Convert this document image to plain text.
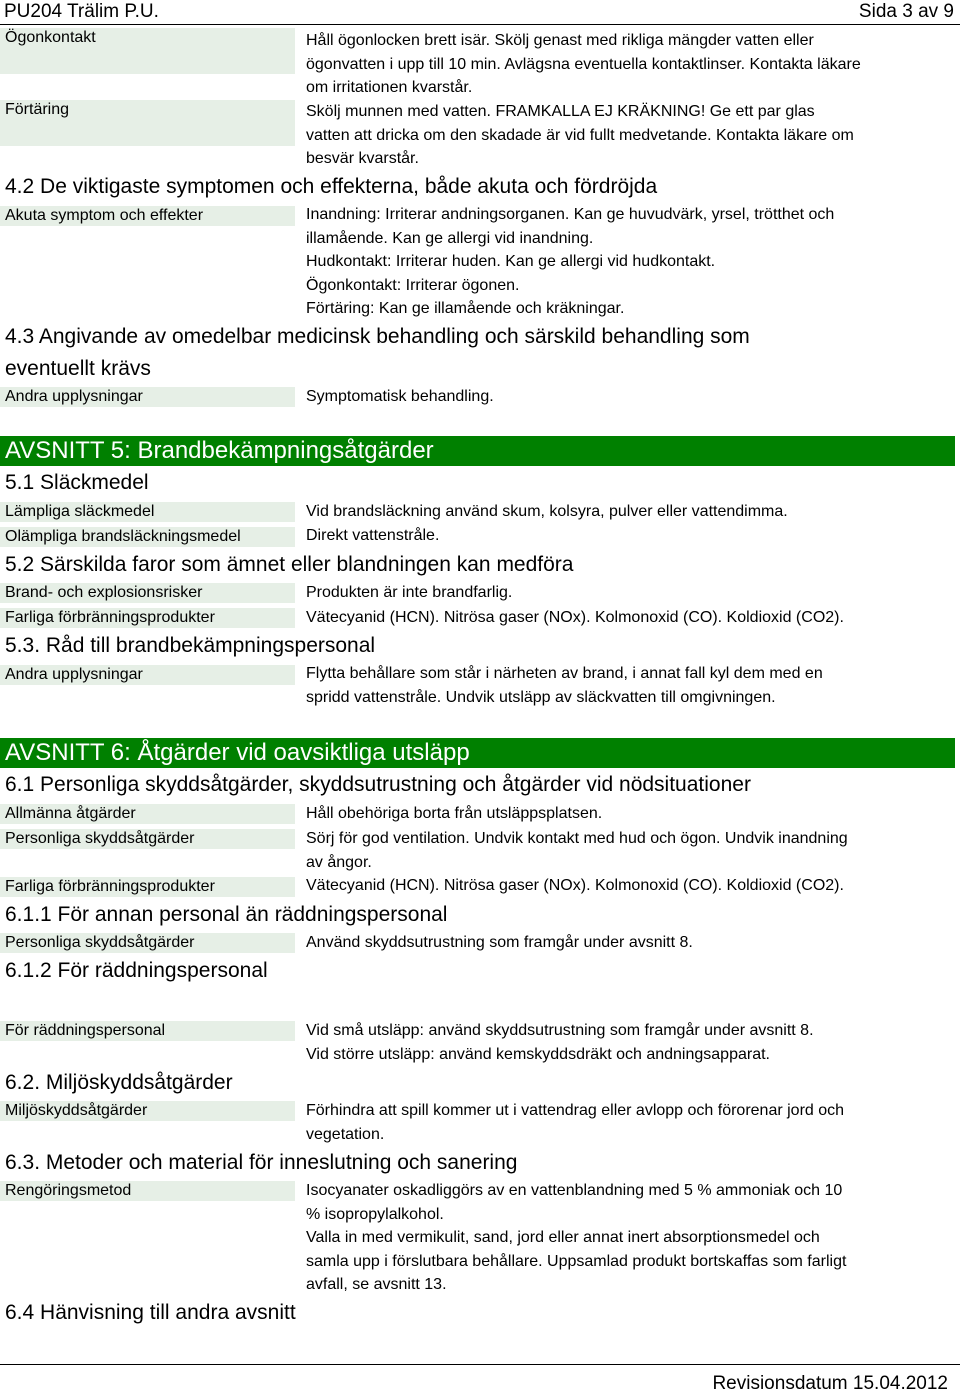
PU204 Trälim P.U.	Sida 3 av 9
Ögonkontakt	Håll ögonlocken brett isär. Skölj genast med rikliga mängder vatten eller

ögonvatten i upp till 10 min. Avlägsna eventuella kontaktlinser. Kontakta läkare

om irritationen kvarstår.

Förtäring	Skölj munnen med vatten. FRAMKALLA EJ KRÄKNING! Ge ett par glas

vatten att dricka om den skadade är vid fullt medvetande. Kontakta läkare om

besvär kvarstår.

4.2 De viktigaste symptomen och effekterna, både akuta och fördröjda
Akuta symptom och effekter	Inandning: Irriterar andningsorganen. Kan ge huvudvärk, yrsel, trötthet och

illamående. Kan ge allergi vid inandning.

Hudkontakt: Irriterar huden. Kan ge allergi vid hudkontakt.

Ögonkontakt: Irriterar ögonen.

Förtäring: Kan ge illamående och kräkningar.

4.3 Angivande av omedelbar medicinsk behandling och särskild behandling som
eventuellt krävs
Andra upplysningar	Symptomatisk behandling.
AVSNITT 5: Brandbekämpningsåtgärder
5.1 Släckmedel
Lämpliga släckmedel	Vid brandsläckning använd skum, kolsyra, pulver eller vattendimma.
Olämpliga brandsläckningsmedel	Direkt vattenstråle.
5.2 Särskilda faror som ämnet eller blandningen kan medföra
Brand- och explosionsrisker	Produkten är inte brandfarlig.
Farliga förbränningsprodukter	Vätecyanid (HCN). Nitrösa gaser (NOx). Kolmonoxid (CO). Koldioxid (CO2).
5.3. Råd till brandbekämpningspersonal
Andra upplysningar	Flytta behållare som står i närheten av brand, i annat fall kyl dem med en

spridd vattenstråle. Undvik utsläpp av släckvatten till omgivningen.

AVSNITT 6: Åtgärder vid oavsiktliga utsläpp
6.1 Personliga skyddsåtgärder, skyddsutrustning och åtgärder vid nödsituationer
Allmänna åtgärder	Håll obehöriga borta från utsläppsplatsen.

Personliga skyddsåtgärder	Sörj för god ventilation. Undvik kontakt med hud och ögon. Undvik inandning

av ångor.

Farliga förbränningsprodukter	Vätecyanid (HCN). Nitrösa gaser (NOx). Kolmonoxid (CO). Koldioxid (CO2).

6.1.1 För annan personal än räddningspersonal
Personliga skyddsåtgärder	Använd skyddsutrustning som framgår under avsnitt 8.
6.1.2 För räddningspersonal
För räddningspersonal	Vid små utsläpp: använd skyddsutrustning som framgår under avsnitt 8.

Vid större utsläpp: använd kemskyddsdräkt och andningsapparat.

6.2. Miljöskyddsåtgärder
Miljöskyddsåtgärder	Förhindra att spill kommer ut i vattendrag eller avlopp och förorenar jord och

vegetation.

6.3. Metoder och material för inneslutning och sanering
Rengöringsmetod	Isocyanater oskadliggörs av en vattenblandning med 5 % ammoniak och 10

% isopropylalkohol.

Valla in med vermikulit, sand, jord eller annat inert absorptionsmedel och

samla upp i förslutbara behållare. Uppsamlad produkt bortskaffas som farligt

avfall, se avsnitt 13.

6.4 Hänvisning till andra avsnitt
Revisionsdatum 15.04.2012
